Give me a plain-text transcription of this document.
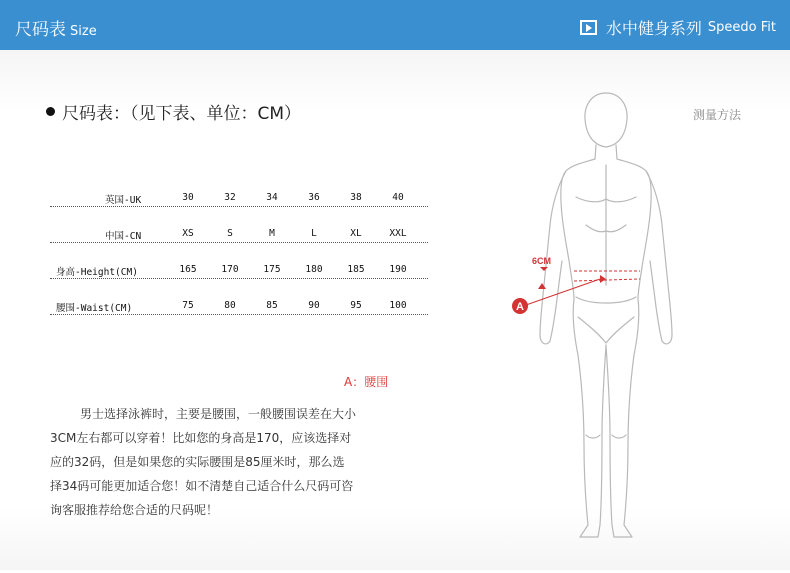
尺码表 Size	水中健身系列 Speedo Fit
尺码表：（见下表、单位：CM）
英国-UK	30	32	34	36	38	40
中国-CN	XS	S	M	L	XL	XXL
身高-Height(CM)	165	170	175	180	185	190
腰围-Waist(CM)	75	80	85	90	95	100
A：腰围
男士选择泳裤时，主要是腰围，一般腰围误差在大小
3CM左右都可以穿着！比如您的身高是170，应该选择对
应的32码，但是如果您的实际腰围是85厘米时，那么选
择34码可能更加适合您！如不清楚自己适合什么尺码可咨
询客服推荐给您合适的尺码呢！
测量方法
6CM
A
